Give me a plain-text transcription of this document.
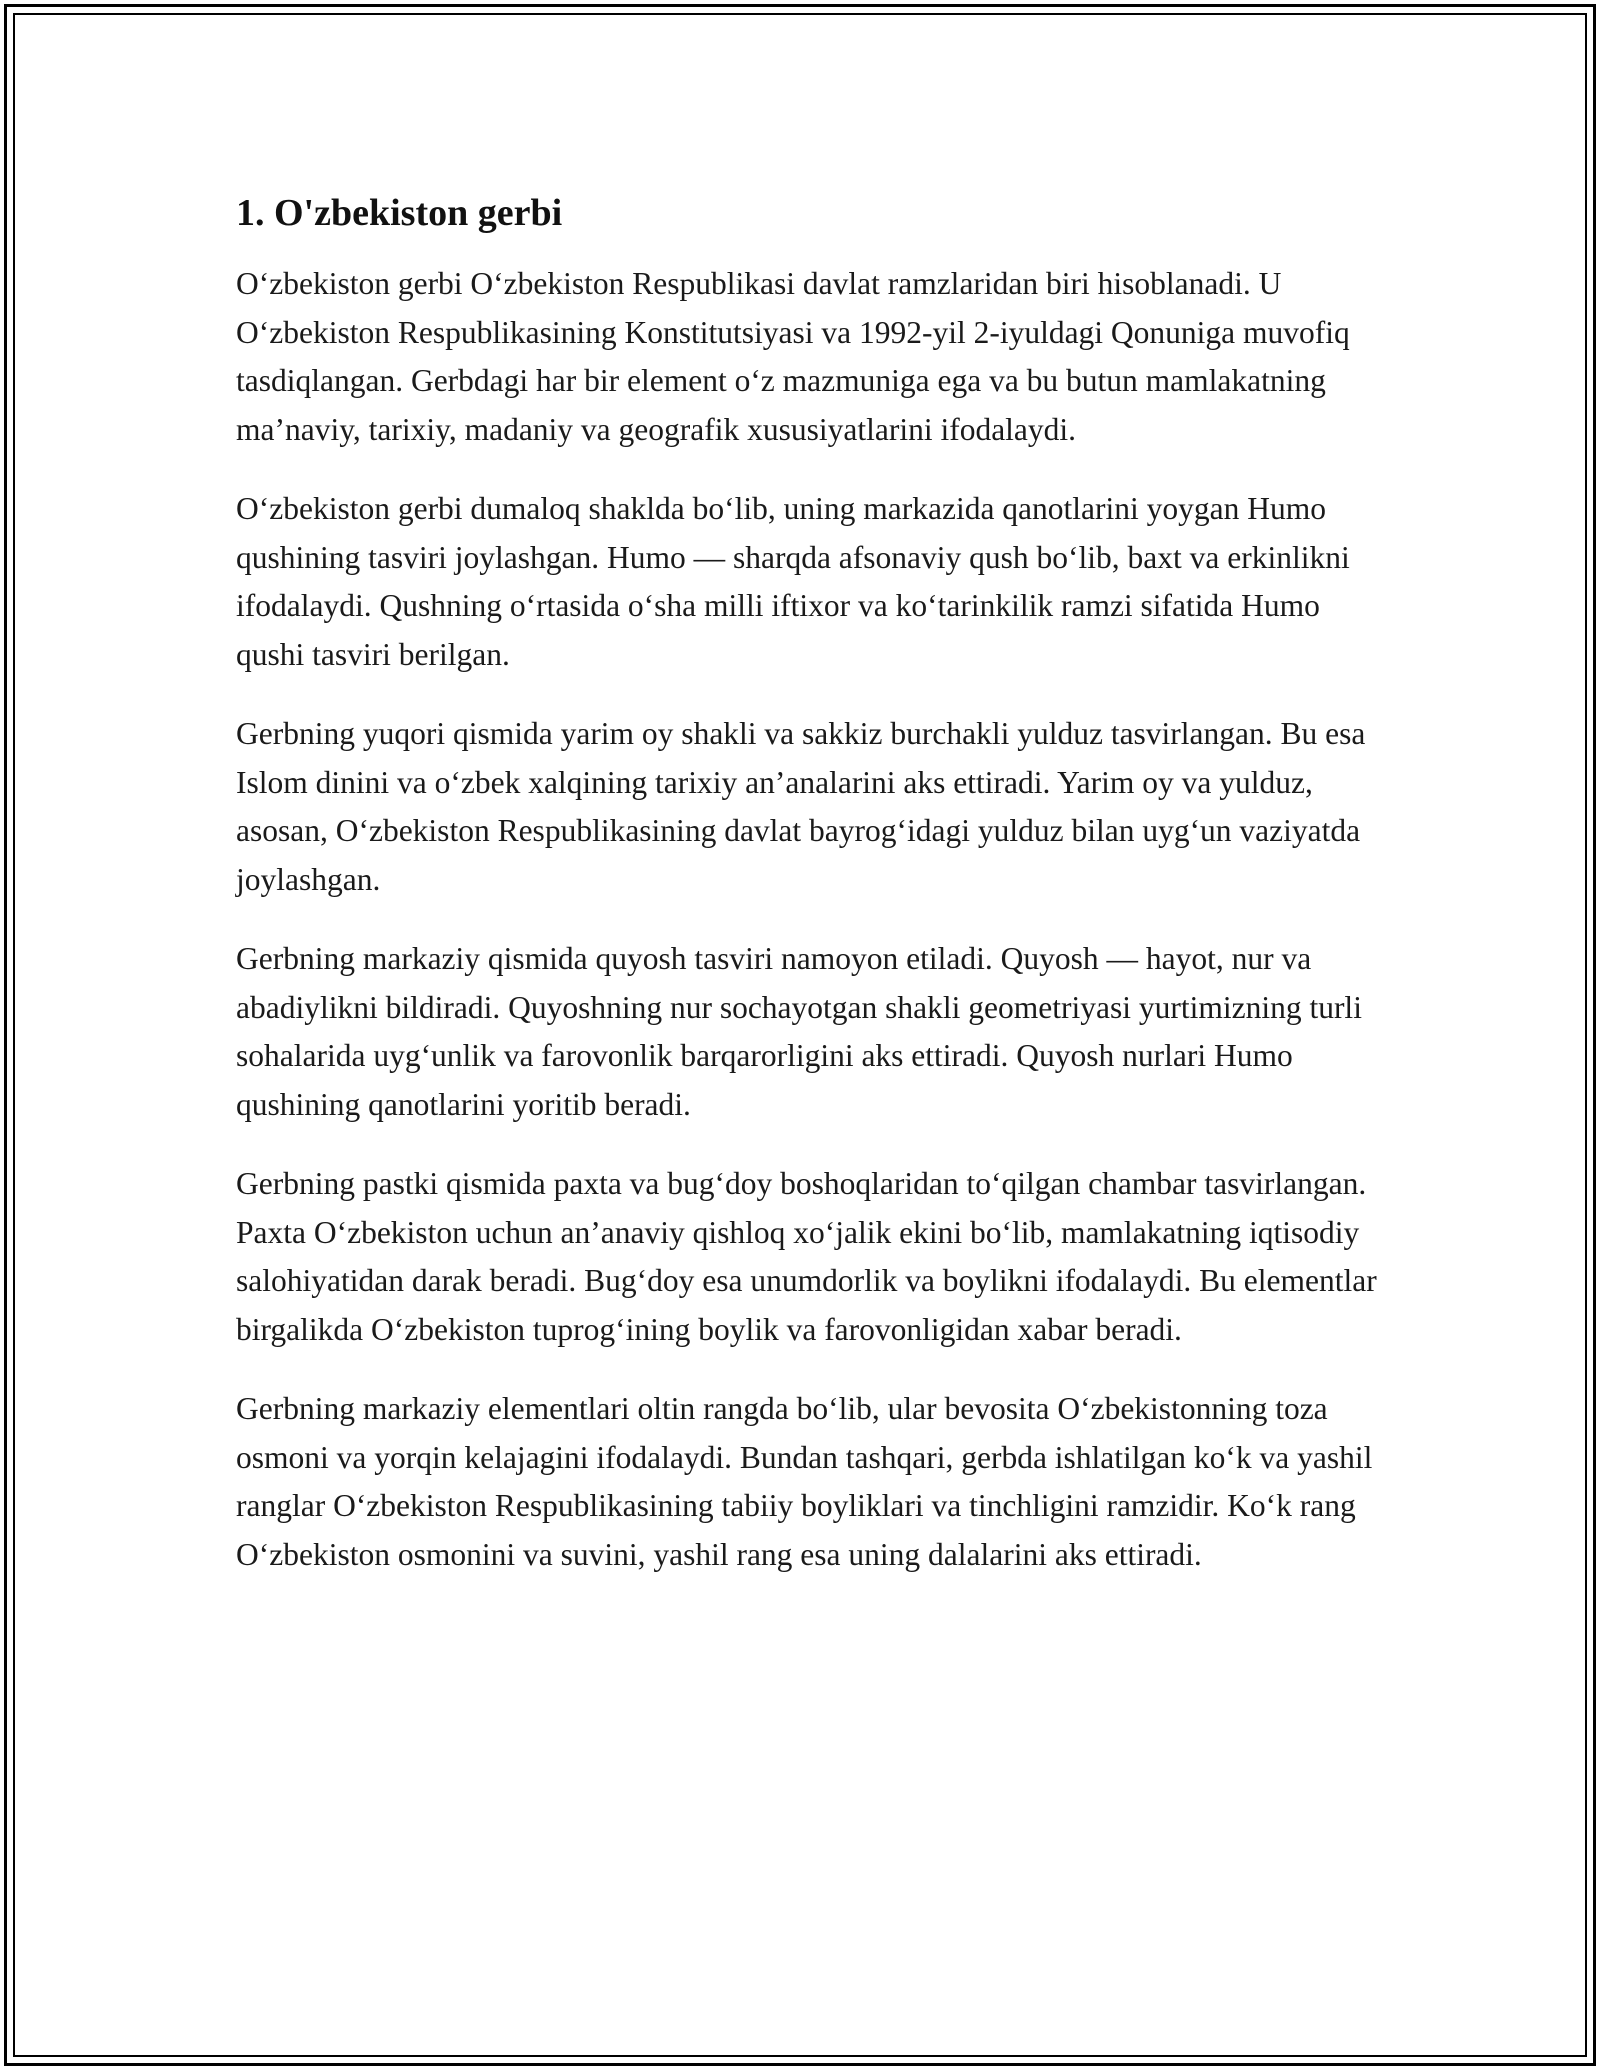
1. O'zbekiston gerbi

O‘zbekiston gerbi O‘zbekiston Respublikasi davlat ramzlaridan biri hisoblanadi. U O‘zbekiston Respublikasining Konstitutsiyasi va 1992-yil 2-iyuldagi Qonuniga muvofiq tasdiqlangan. Gerbdagi har bir element o‘z mazmuniga ega va bu butun mamlakatning ma’naviy, tarixiy, madaniy va geografik xususiyatlarini ifodalaydi.

O‘zbekiston gerbi dumaloq shaklda bo‘lib, uning markazida qanotlarini yoygan Humo qushining tasviri joylashgan. Humo — sharqda afsonaviy qush bo‘lib, baxt va erkinlikni ifodalaydi. Qushning o‘rtasida o‘sha milli iftixor va ko‘tarinkilik ramzi sifatida Humo qushi tasviri berilgan.

Gerbning yuqori qismida yarim oy shakli va sakkiz burchakli yulduz tasvirlangan. Bu esa Islom dinini va o‘zbek xalqining tarixiy an’analarini aks ettiradi. Yarim oy va yulduz, asosan, O‘zbekiston Respublikasining davlat bayrog‘idagi yulduz bilan uyg‘un vaziyatda joylashgan.

Gerbning markaziy qismida quyosh tasviri namoyon etiladi. Quyosh — hayot, nur va abadiylikni bildiradi. Quyoshning nur sochayotgan shakli geometriyasi yurtimizning turli sohalarida uyg‘unlik va farovonlik barqarorligini aks ettiradi. Quyosh nurlari Humo qushining qanotlarini yoritib beradi.

Gerbning pastki qismida paxta va bug‘doy boshoqlaridan to‘qilgan chambar tasvirlangan. Paxta O‘zbekiston uchun an’anaviy qishloq xo‘jalik ekini bo‘lib, mamlakatning iqtisodiy salohiyatidan darak beradi. Bug‘doy esa unumdorlik va boylikni ifodalaydi. Bu elementlar birgalikda O‘zbekiston tuprog‘ining boylik va farovonligidan xabar beradi.

Gerbning markaziy elementlari oltin rangda bo‘lib, ular bevosita O‘zbekistonning toza osmoni va yorqin kelajagini ifodalaydi. Bundan tashqari, gerbda ishlatilgan ko‘k va yashil ranglar O‘zbekiston Respublikasining tabiiy boyliklari va tinchligini ramzidir. Ko‘k rang O‘zbekiston osmonini va suvini, yashil rang esa uning dalalarini aks ettiradi.
